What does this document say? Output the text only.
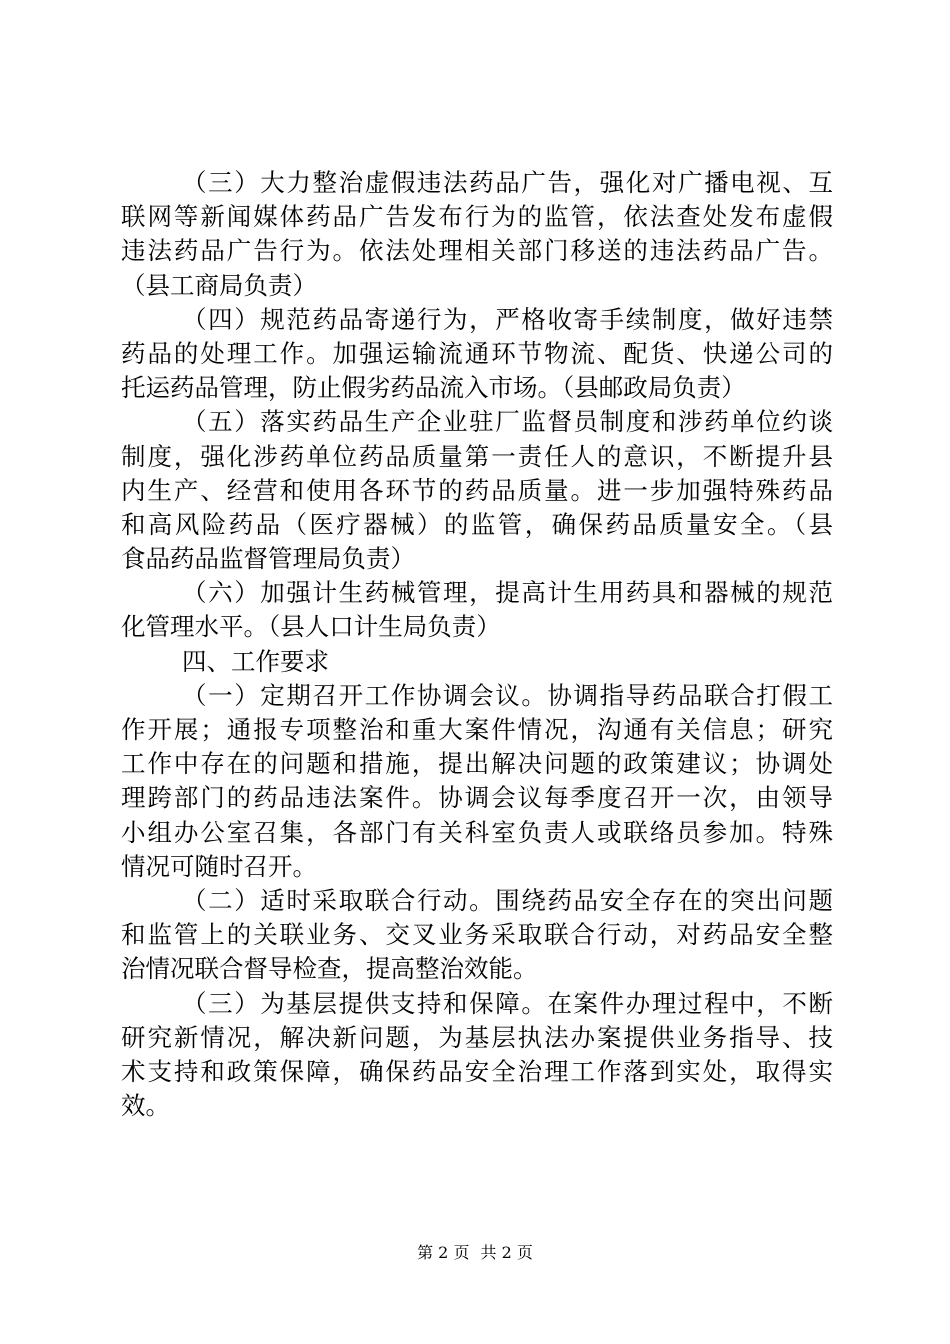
（三）大力整治虚假违法药品广告，强化对广播电视、互
联网等新闻媒体药品广告发布行为的监管，依法查处发布虚假
违法药品广告行为。依法处理相关部门移送的违法药品广告。
（县工商局负责）
（四）规范药品寄递行为，严格收寄手续制度，做好违禁
药品的处理工作。加强运输流通环节物流、配货、快递公司的
托运药品管理，防止假劣药品流入市场。（县邮政局负责）
（五）落实药品生产企业驻厂监督员制度和涉药单位约谈
制度，强化涉药单位药品质量第一责任人的意识，不断提升县
内生产、经营和使用各环节的药品质量。进一步加强特殊药品
和高风险药品（医疗器械）的监管，确保药品质量安全。（县
食品药品监督管理局负责）
（六）加强计生药械管理，提高计生用药具和器械的规范
化管理水平。（县人口计生局负责）
四、工作要求
（一）定期召开工作协调会议。协调指导药品联合打假工
作开展；通报专项整治和重大案件情况，沟通有关信息；研究
工作中存在的问题和措施，提出解决问题的政策建议；协调处
理跨部门的药品违法案件。协调会议每季度召开一次，由领导
小组办公室召集，各部门有关科室负责人或联络员参加。特殊
情况可随时召开。
（二）适时采取联合行动。围绕药品安全存在的突出问题
和监管上的关联业务、交叉业务采取联合行动，对药品安全整
治情况联合督导检查，提高整治效能。
（三）为基层提供支持和保障。在案件办理过程中，不断
研究新情况，解决新问题，为基层执法办案提供业务指导、技
术支持和政策保障，确保药品安全治理工作落到实处，取得实
效。
第 2 页 共 2 页
